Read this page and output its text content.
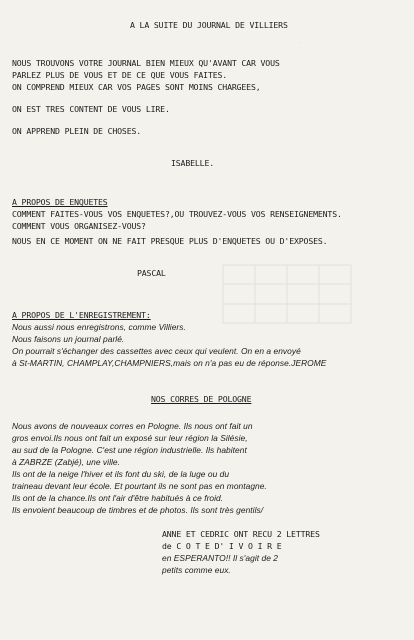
.
A LA SUITE DU JOURNAL DE VILLIERS
NOUS TROUVONS VOTRE JOURNAL BIEN MIEUX QU'AVANT CAR VOUS
PARLEZ PLUS DE VOUS ET DE CE QUE VOUS FAITES.
ON COMPREND MIEUX CAR VOS PAGES SONT MOINS CHARGEES,
ON EST TRES CONTENT DE VOUS LIRE.
ON APPREND PLEIN DE CHOSES.
ISABELLE.
A PROPOS DE ENQUETES
COMMENT FAITES-VOUS VOS ENQUETES?,OU TROUVEZ-VOUS VOS RENSEIGNEMENTS.
COMMENT VOUS ORGANISEZ-VOUS?
NOUS EN CE MOMENT ON NE FAIT PRESQUE PLUS D'ENQUETES OU D'EXPOSES.
PASCAL
A PROPOS DE L'ENREGISTREMENT:
Nous aussi nous enregistrons, comme Villiers.
Nous faisons un journal parlé.
On pourrait s'échanger des cassettes avec ceux qui veulent. On en a envoyé
à St-MARTIN, CHAMPLAY,CHAMPNIERS,mais on n'a pas eu de réponse.JEROME
NOS CORRES DE POLOGNE
Nous avons de nouveaux corres en Pologne. Ils nous ont fait un
gros envoi.Ils nous ont fait un exposé sur leur région la Silésie,
au sud de la Pologne. C'est une région industrielle. Ils habitent
à ZABRZE (Zabjé), une ville.
Ils ont de la neige l'hiver et ils font du ski, de la luge ou du
traineau devant leur école. Et pourtant ils ne sont pas en montagne.
Ils ont de la chance.Ils ont l'air d'être habitués à ce froid.
Ils envoient beaucoup de timbres et de photos. Ils sont très gentils/
ANNE ET CEDRIC ONT RECU 2 LETTRES
de C O T E D' I V O I R E
en ESPERANTO!! Il s'agit de 2
petits comme eux.
